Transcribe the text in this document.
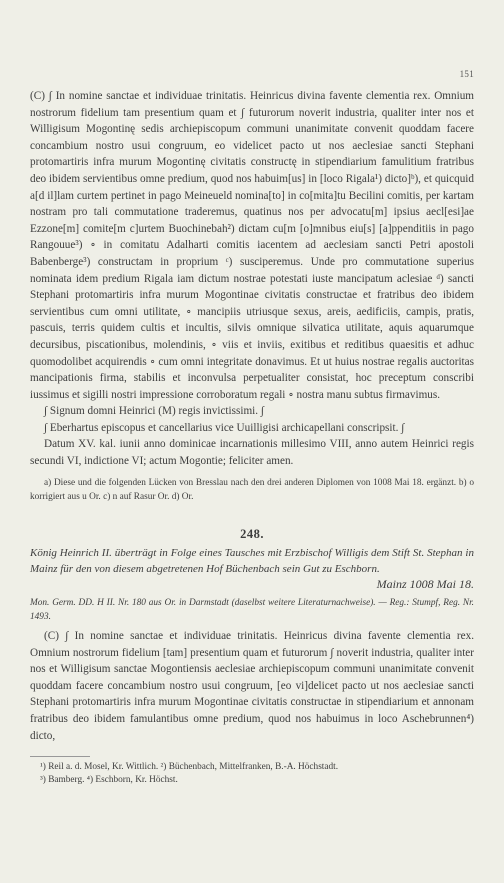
151

(C) ∫ In nomine sanctae et individuae trinitatis. Heinricus divina favente clementia rex. Omnium nostrorum fidelium tam presentium quam et ∫ futurorum noverit industria, qualiter inter nos et Willigisum Mogontinę sedis archiepiscopum communi unanimitate convenit quoddam facere concambium nostro usui congruum, eo videlicet pacto ut nos aeclesiae sancti Stephani protomartiris infra murum Mogontinę civitatis constructę in stipendiarium famulitium fratribus deo ibidem servientibus omne predium, quod nos habuim[us] in [loco Rigala¹) dicto]ᵇ), et quicquid a[d il]lam curtem pertinet in pago Meineueld nomina[to] in co[mita]tu Becilini comitis, per kartam nostram pro tali commutatione traderemus, quatinus nos per advocatu[m] ipsius aecl[esi]ae Ezzone[m] comite[m c]urtem Buochinebah²) dictam cu[m [o]mnibus eiu[s] [a]ppenditiis in pago Rangouue³) ∘ in comitatu Adalharti comitis iacentem ad aeclesiam sancti Petri apostoli Babenberge³) constructam in proprium ᶜ) susciperemus. Unde pro commutatione superius nominata idem predium Rigala iam dictum nostrae potestati iuste mancipatum aclesiae ᵈ) sancti Stephani protomartiris infra murum Mogontinae civitatis constructae et fratribus deo ibidem servientibus cum omni utilitate, ∘ mancipiis utriusque sexus, areis, aedificiis, campis, pratis, pascuis, terris quidem cultis et incultis, silvis omnique silvatica utilitate, aquis aquarumque decursibus, piscationibus, molendinis, ∘ viis et inviis, exitibus et reditibus quaesitis et adhuc quomodolibet acquirendis ∘ cum omni integritate donavimus. Et ut huius nostrae regalis auctoritas mancipationis firma, stabilis et inconvulsa perpetualiter consistat, hoc preceptum conscribi iussimus et sigilli nostri impressione corroboratum regali ∘ nostra manu subtus firmavimus.

∫ Signum domni Heinrici (M) regis invictissimi. ∫

∫ Eberhartus episcopus et cancellarius vice Uuilligisi archicapellani conscripsit. ∫

Datum XV. kal. iunii anno dominicae incarnationis millesimo VIII, anno autem Heinrici regis secundi VI, indictione VI; actum Mogontie; feliciter amen.

a) Diese und die folgenden Lücken von Bresslau nach den drei anderen Diplomen von 1008 Mai 18. ergänzt. b) o korrigiert aus u Or. c) n auf Rasur Or. d) Or.

248.
König Heinrich II. überträgt in Folge eines Tausches mit Erzbischof Willigis dem Stift St. Stephan in Mainz für den von diesem abgetretenen Hof Büchenbach sein Gut zu Eschborn.
Mainz 1008 Mai 18.
Mon. Germ. DD. H II. Nr. 180 aus Or. in Darmstadt (daselbst weitere Literaturnachweise). — Reg.: Stumpf, Reg. Nr. 1493.

(C) ∫ In nomine sanctae et individuae trinitatis. Heinricus divina favente clementia rex. Omnium nostrorum fidelium [tam] presentium quam et futurorum ∫ noverit industria, qualiter inter nos et Willigisum sanctae Mogontiensis aeclesiae archiepiscopum communi unanimitate convenit quoddam facere concambium nostro usui congruum, [eo vi]delicet pacto ut nos aeclesiae sancti Stephani protomartiris infra murum Mogontinae civitatis constructae in stipendiarium et annonam fratribus deo ibidem famulantibus omne predium, quod nos habuimus in loco Aschebrunnen⁴) dicto,

¹) Reil a. d. Mosel, Kr. Wittlich. ²) Büchenbach, Mittelfranken, B.-A. Höchstadt.

³) Bamberg. ⁴) Eschborn, Kr. Höchst.
